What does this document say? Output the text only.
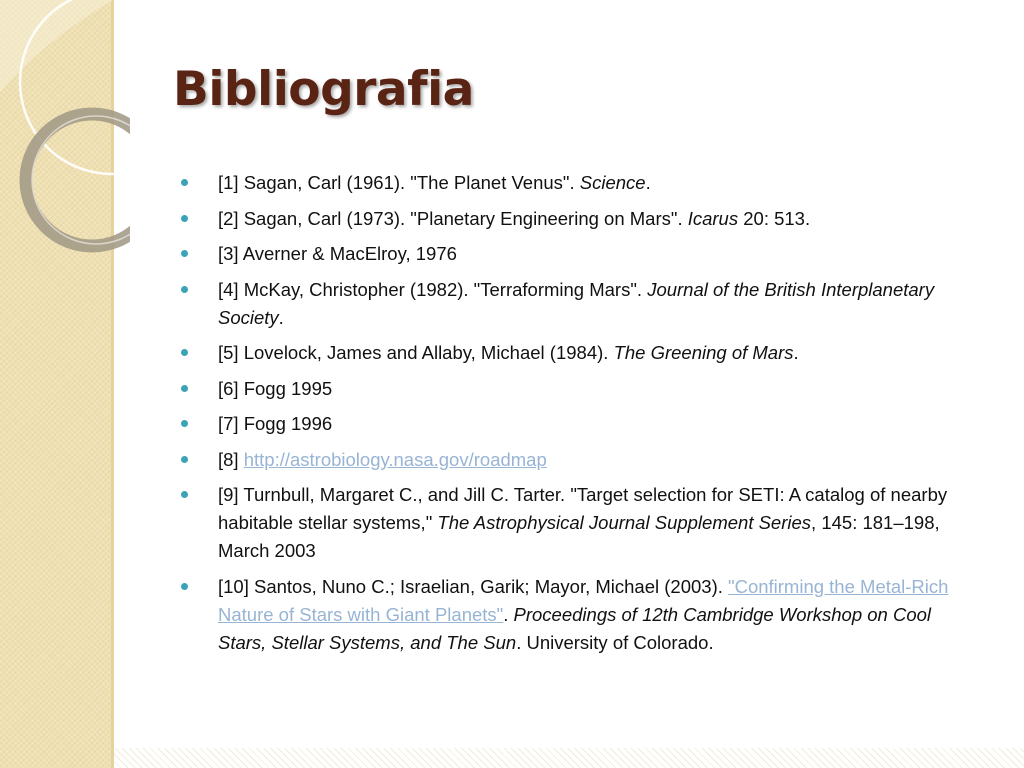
Bibliografia
[1] Sagan, Carl (1961). "The Planet Venus". Science.
[2] Sagan, Carl (1973). "Planetary Engineering on Mars". Icarus 20: 513.
[3] Averner & MacElroy, 1976
[4] McKay, Christopher (1982). "Terraforming Mars". Journal of the British Interplanetary Society.
[5] Lovelock, James and Allaby, Michael (1984). The Greening of Mars.
[6] Fogg 1995
[7] Fogg 1996
[8] http://astrobiology.nasa.gov/roadmap
[9] Turnbull, Margaret C., and Jill C. Tarter. "Target selection for SETI: A catalog of nearby habitable stellar systems," The Astrophysical Journal Supplement Series, 145: 181–198, March 2003
[10] Santos, Nuno C.; Israelian, Garik; Mayor, Michael (2003). "Confirming the Metal-Rich Nature of Stars with Giant Planets". Proceedings of 12th Cambridge Workshop on Cool Stars, Stellar Systems, and The Sun. University of Colorado.
